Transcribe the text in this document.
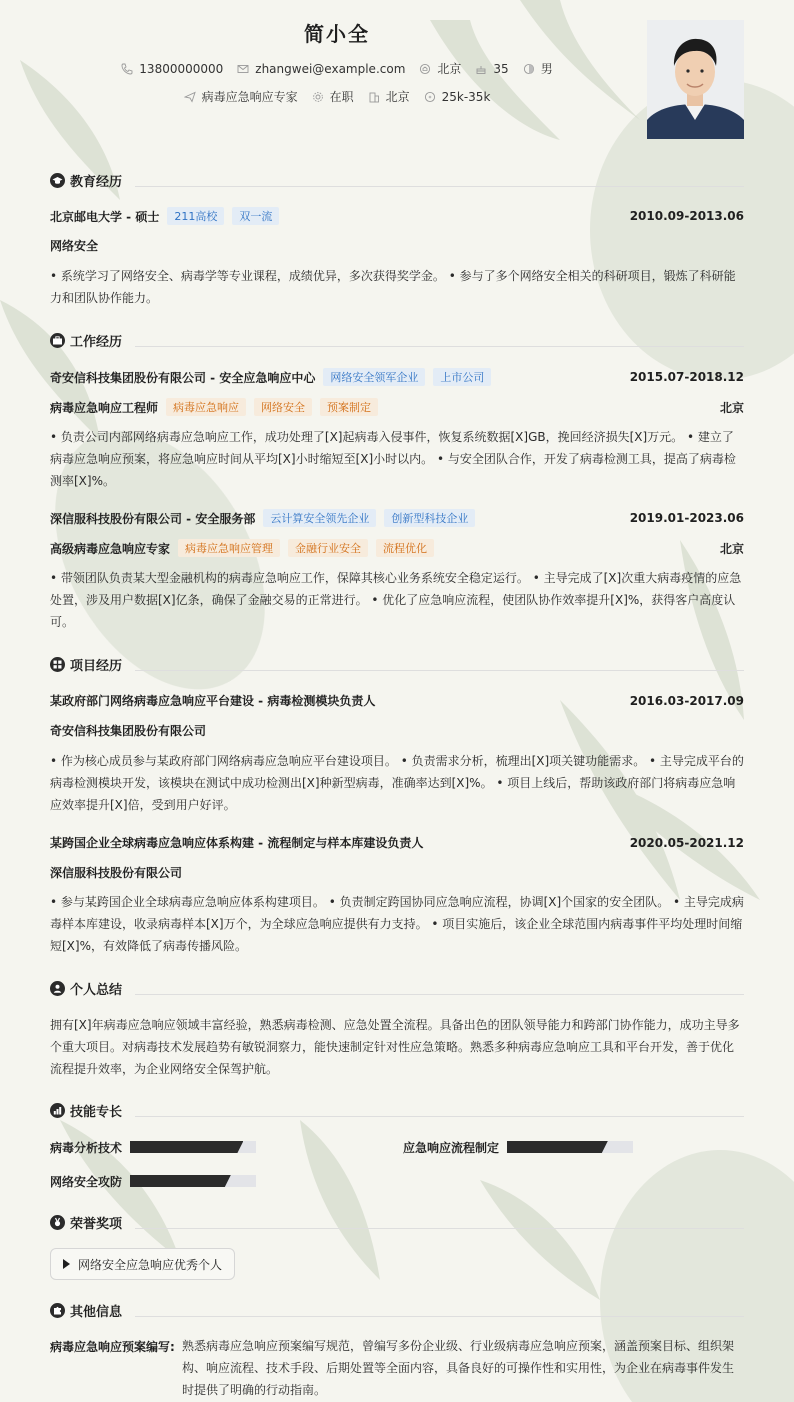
简小全
13800000000	zhangwei@example.com	北京	35	男
病毒应急响应专家	在职	北京	25k-35k
教育经历
北京邮电大学 - 硕士	211高校	双一流	2010.09-2013.06
网络安全

• 系统学习了网络安全、病毒学等专业课程，成绩优异，多次获得奖学金。 • 参与了多个网络安全相关的科研项目，锻炼了科研能力和团队协作能力。

工作经历
奇安信科技集团股份有限公司 - 安全应急响应中心	网络安全领军企业	上市公司	2015.07-2018.12
病毒应急响应工程师	病毒应急响应	网络安全	预案制定	北京

• 负责公司内部网络病毒应急响应工作，成功处理了[X]起病毒入侵事件，恢复系统数据[X]GB，挽回经济损失[X]万元。 • 建立了病毒应急响应预案，将应急响应时间从平均[X]小时缩短至[X]小时以内。 • 与安全团队合作，开发了病毒检测工具，提高了病毒检测率[X]%。

深信服科技股份有限公司 - 安全服务部	云计算安全领先企业	创新型科技企业	2019.01-2023.06
高级病毒应急响应专家	病毒应急响应管理	金融行业安全	流程优化	北京

• 带领团队负责某大型金融机构的病毒应急响应工作，保障其核心业务系统安全稳定运行。 • 主导完成了[X]次重大病毒疫情的应急处置，涉及用户数据[X]亿条，确保了金融交易的正常进行。 • 优化了应急响应流程，使团队协作效率提升[X]%，获得客户高度认可。

项目经历
某政府部门网络病毒应急响应平台建设 - 病毒检测模块负责人	2016.03-2017.09
奇安信科技集团股份有限公司

• 作为核心成员参与某政府部门网络病毒应急响应平台建设项目。 • 负责需求分析，梳理出[X]项关键功能需求。 • 主导完成平台的病毒检测模块开发，该模块在测试中成功检测出[X]种新型病毒，准确率达到[X]%。 • 项目上线后，帮助该政府部门将病毒应急响应效率提升[X]倍，受到用户好评。

某跨国企业全球病毒应急响应体系构建 - 流程制定与样本库建设负责人	2020.05-2021.12
深信服科技股份有限公司

• 参与某跨国企业全球病毒应急响应体系构建项目。 • 负责制定跨国协同应急响应流程，协调[X]个国家的安全团队。 • 主导完成病毒样本库建设，收录病毒样本[X]万个，为全球应急响应提供有力支持。 • 项目实施后，该企业全球范围内病毒事件平均处理时间缩短[X]%，有效降低了病毒传播风险。

个人总结

拥有[X]年病毒应急响应领域丰富经验，熟悉病毒检测、应急处置全流程。具备出色的团队领导能力和跨部门协作能力，成功主导多个重大项目。对病毒技术发展趋势有敏锐洞察力，能快速制定针对性应急策略。熟悉多种病毒应急响应工具和平台开发，善于优化流程提升效率，为企业网络安全保驾护航。

技能专长
病毒分析技术	应急响应流程制定
网络安全攻防
荣誉奖项
网络安全应急响应优秀个人
其他信息
病毒应急响应预案编写: 熟悉病毒应急响应预案编写规范，曾编写多份企业级、行业级病毒应急响应预案，涵盖预案目标、组织架构、响应流程、技术手段、后期处置等全面内容，具备良好的可操作性和实用性，为企业在病毒事件发生时提供了明确的行动指南。
